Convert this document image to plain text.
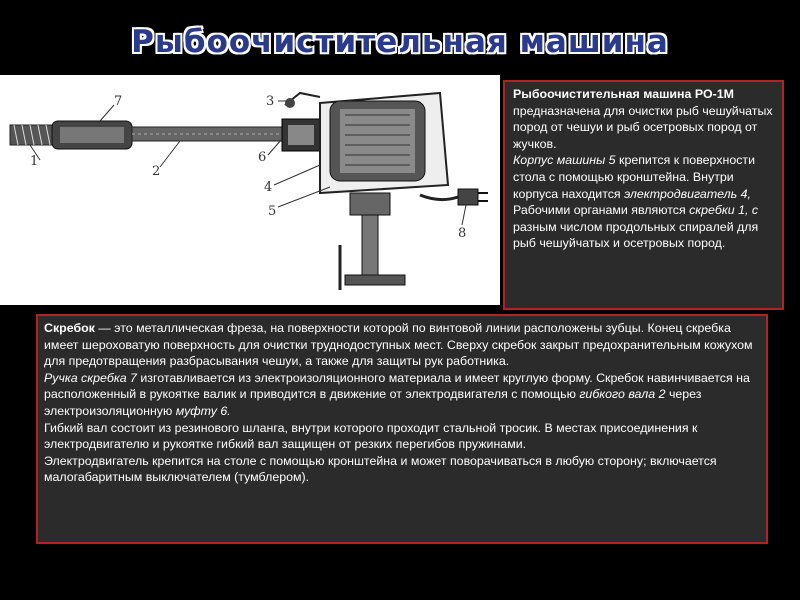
Рыбоочистительная машина
1
2
3
4
5
6
7
8

Рыбоочистительная машина РО-1М предназначена для очистки рыб чешуйчатых пород от чешуи и рыб осетровых пород от жучков.

Корпус машины 5 крепится к поверхности стола с помощью кронштейна. Внутри корпуса находится электродвигатель 4, Рабочими органами являются скребки 1, с разным числом продольных спиралей для рыб чешуйчатых и осетровых пород.

Скребок — это металлическая фреза, на поверхности которой по винтовой линии расположены зубцы. Конец скребка имеет шероховатую поверхность для очистки труднодоступных мест. Сверху скребок закрыт предохранительным кожухом для предотвращения разбрасывания чешуи, а также для защиты рук работника.

Ручка скребка 7 изготавливается из электроизоляционного материала и имеет круглую форму. Скребок навинчивается на расположенный в рукоятке валик и приводится в движение от электродвигателя с помощью гибкого вала 2 через электроизоляционную муфту 6.

Гибкий вал состоит из резинового шланга, внутри которого проходит стальной тросик. В местах присоединения к электродвигателю и рукоятке гибкий вал защищен от резких перегибов пружинами.

Электродвигатель крепится на столе с помощью кронштейна и может поворачиваться в любую сторону; включается малогабаритным выключателем (тумблером).
